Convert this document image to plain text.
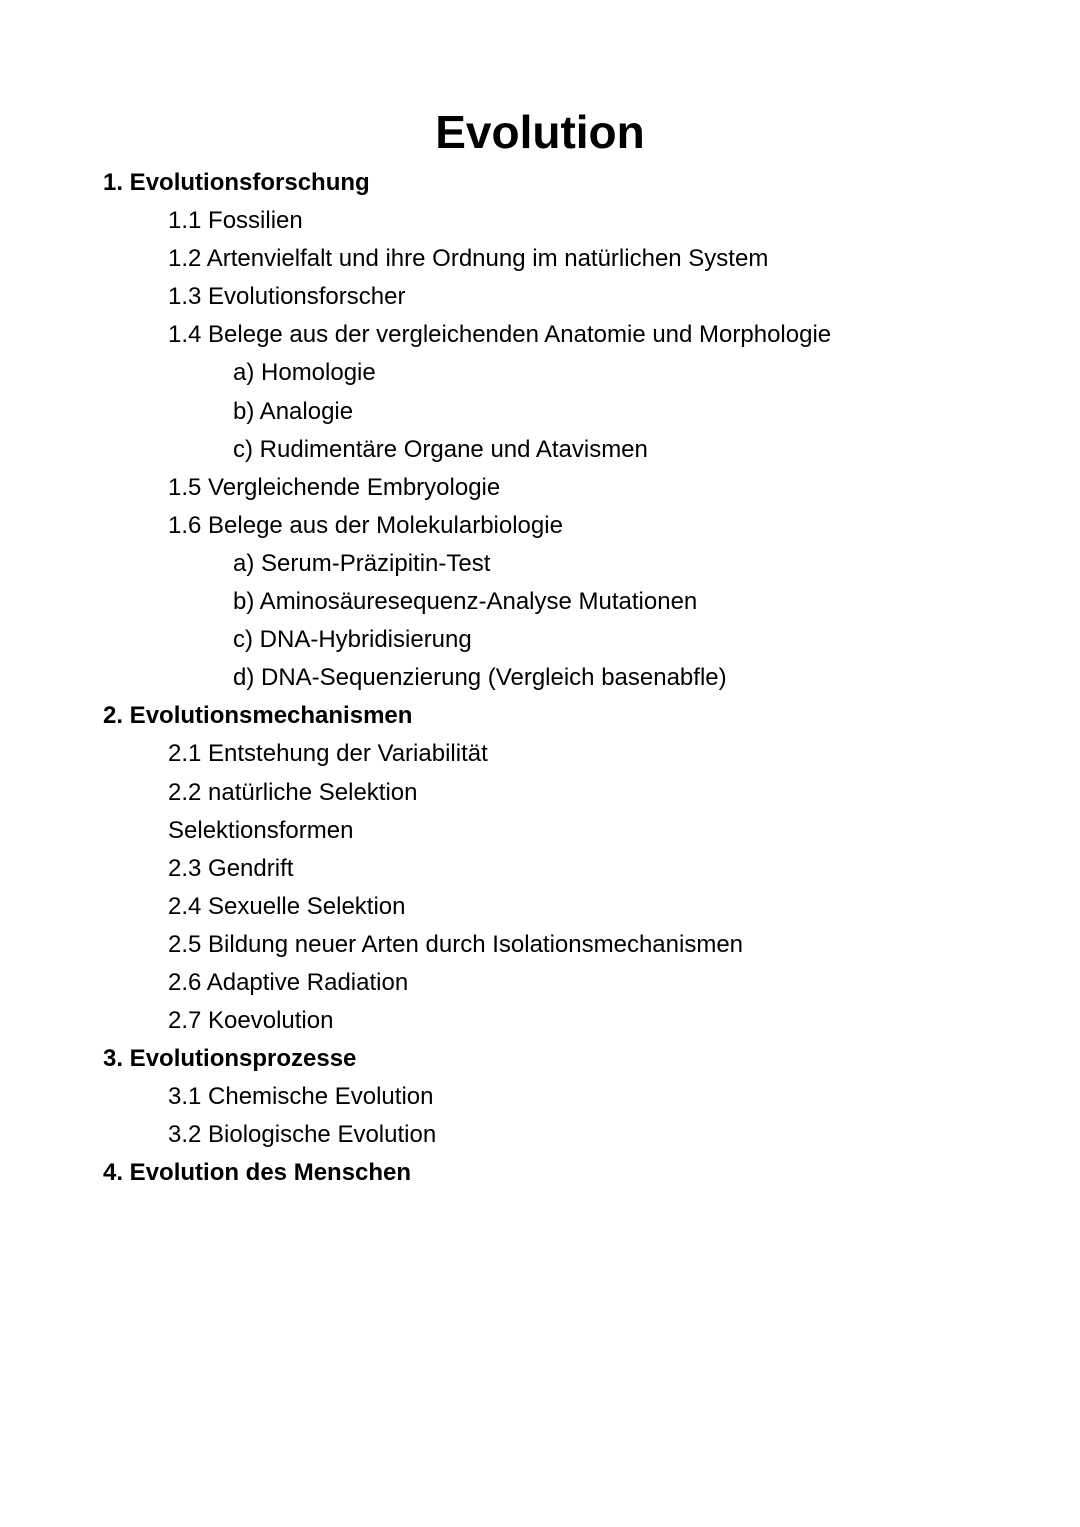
Evolution
1. Evolutionsforschung
1.1 Fossilien
1.2 Artenvielfalt und ihre Ordnung im natürlichen System
1.3 Evolutionsforscher
1.4 Belege aus der vergleichenden Anatomie und Morphologie
a) Homologie
b) Analogie
c) Rudimentäre Organe und Atavismen
1.5 Vergleichende Embryologie
1.6 Belege aus der Molekularbiologie
a) Serum-Präzipitin-Test
b) Aminosäuresequenz-Analyse Mutationen
c) DNA-Hybridisierung
d) DNA-Sequenzierung (Vergleich basenabfle)
2. Evolutionsmechanismen
2.1 Entstehung der Variabilität
2.2 natürliche Selektion
Selektionsformen
2.3 Gendrift
2.4 Sexuelle Selektion
2.5 Bildung neuer Arten durch Isolationsmechanismen
2.6 Adaptive Radiation
2.7 Koevolution
3. Evolutionsprozesse
3.1 Chemische Evolution
3.2 Biologische Evolution
4. Evolution des Menschen
